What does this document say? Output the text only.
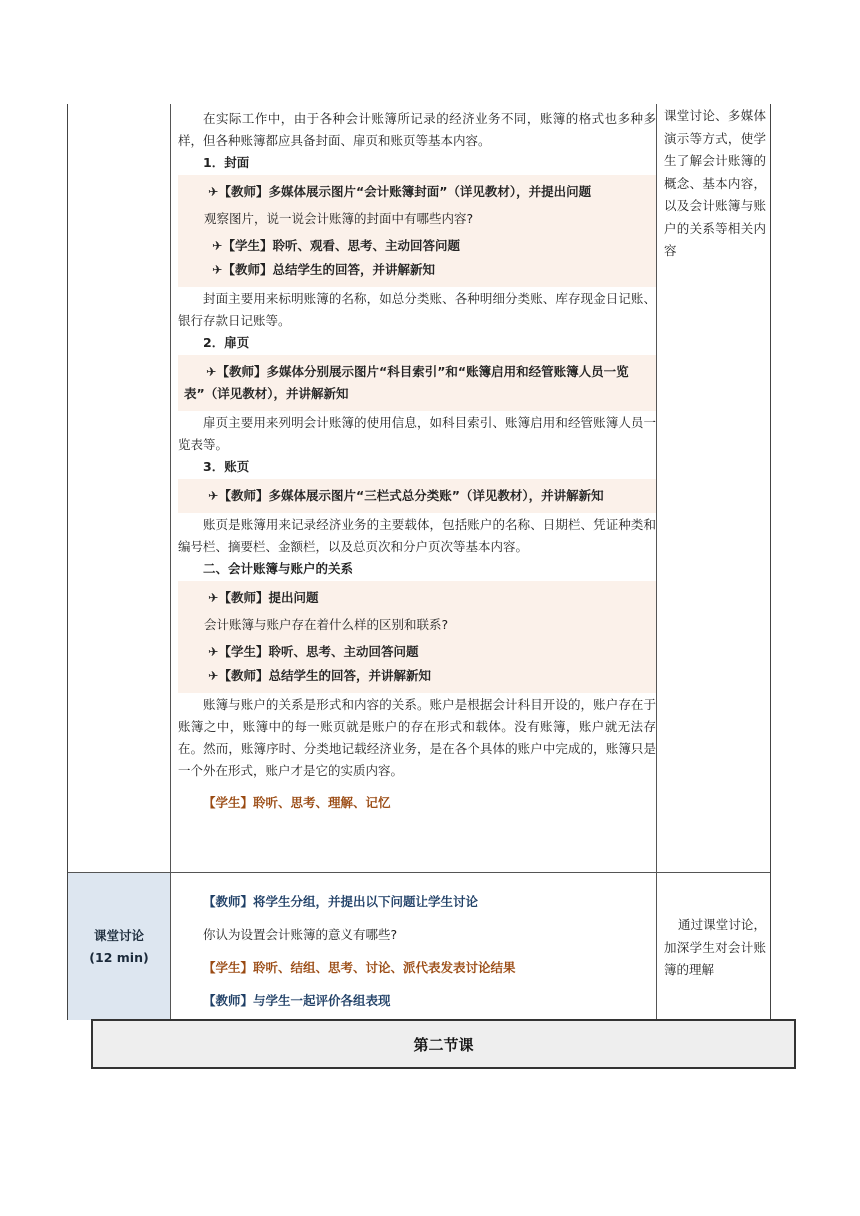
在实际工作中，由于各种会计账簿所记录的经济业务不同，账簿的格式也多种多样，但各种账簿都应具备封面、扉页和账页等基本内容。

1．封面

✈【教师】多媒体展示图片“会计账簿封面”（详见教材），并提出问题

观察图片，说一说会计账簿的封面中有哪些内容?

✈【学生】聆听、观看、思考、主动回答问题

✈【教师】总结学生的回答，并讲解新知

封面主要用来标明账簿的名称，如总分类账、各种明细分类账、库存现金日记账、银行存款日记账等。

2．扉页

✈【教师】多媒体分别展示图片“科目索引”和“账簿启用和经管账簿人员一览表”（详见教材），并讲解新知

扉页主要用来列明会计账簿的使用信息，如科目索引、账簿启用和经管账簿人员一览表等。

3．账页

✈【教师】多媒体展示图片“三栏式总分类账”（详见教材），并讲解新知

账页是账簿用来记录经济业务的主要载体，包括账户的名称、日期栏、凭证种类和编号栏、摘要栏、金额栏，以及总页次和分户页次等基本内容。

二、会计账簿与账户的关系

✈【教师】提出问题

会计账簿与账户存在着什么样的区别和联系?

✈【学生】聆听、思考、主动回答问题

✈【教师】总结学生的回答，并讲解新知

账簿与账户的关系是形式和内容的关系。账户是根据会计科目开设的，账户存在于账簿之中，账簿中的每一账页就是账户的存在形式和载体。没有账簿，账户就无法存在。然而，账簿序时、分类地记载经济业务，是在各个具体的账户中完成的，账簿只是一个外在形式，账户才是它的实质内容。

【学生】聆听、思考、理解、记忆

课堂讨论、多媒体演示等方式，使学生了解会计账簿的概念、基本内容，以及会计账簿与账户的关系等相关内容
课堂讨论
(12 min)

【教师】将学生分组，并提出以下问题让学生讨论

你认为设置会计账簿的意义有哪些?

【学生】聆听、结组、思考、讨论、派代表发表讨论结果

【教师】与学生一起评价各组表现

通过课堂讨论，加深学生对会计账簿的理解
第二节课
